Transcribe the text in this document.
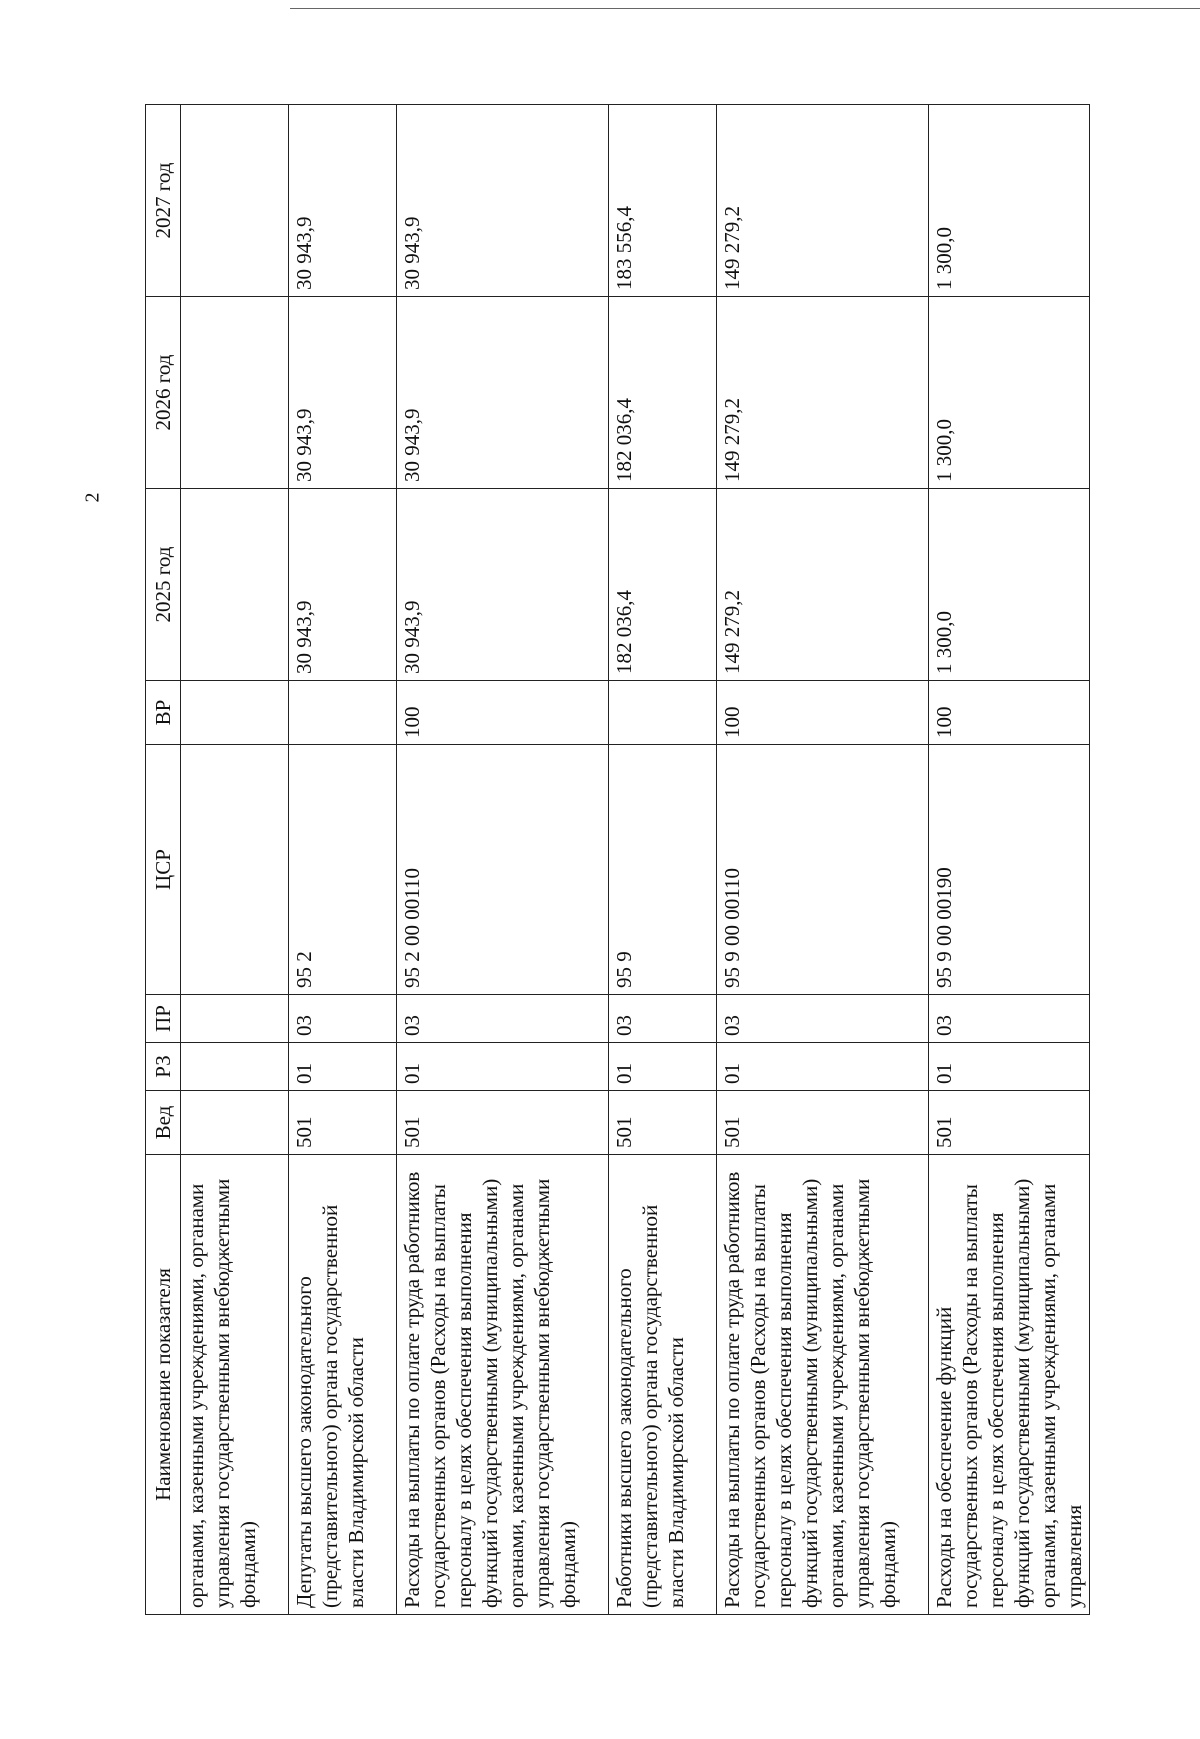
2
Наименование показателя	Вед	РЗ	ПР	ЦСР	ВР	2025 год	2026 год	2027 год
органами, казенными учреждениями, органами управления государственными внебюджетными фондами)								
Депутаты высшего законодательного (представительного) органа государственной власти Владимирской области	501	01	03	95 2		30 943,9	30 943,9	30 943,9
Расходы на выплаты по оплате труда работников государственных органов (Расходы на выплаты персоналу в целях обеспечения выполнения функций государственными (муниципальными) органами, казенными учреждениями, органами управления государственными внебюджетными фондами)	501	01	03	95 2 00 00110	100	30 943,9	30 943,9	30 943,9
Работники высшего законодательного (представительного) органа государственной власти Владимирской области	501	01	03	95 9		182 036,4	182 036,4	183 556,4
Расходы на выплаты по оплате труда работников государственных органов (Расходы на выплаты персоналу в целях обеспечения выполнения функций государственными (муниципальными) органами, казенными учреждениями, органами управления государственными внебюджетными фондами)	501	01	03	95 9 00 00110	100	149 279,2	149 279,2	149 279,2
Расходы на обеспечение функций государственных органов (Расходы на выплаты персоналу в целях обеспечения выполнения функций государственными (муниципальными) органами, казенными учреждениями, органами управления	501	01	03	95 9 00 00190	100	1 300,0	1 300,0	1 300,0
